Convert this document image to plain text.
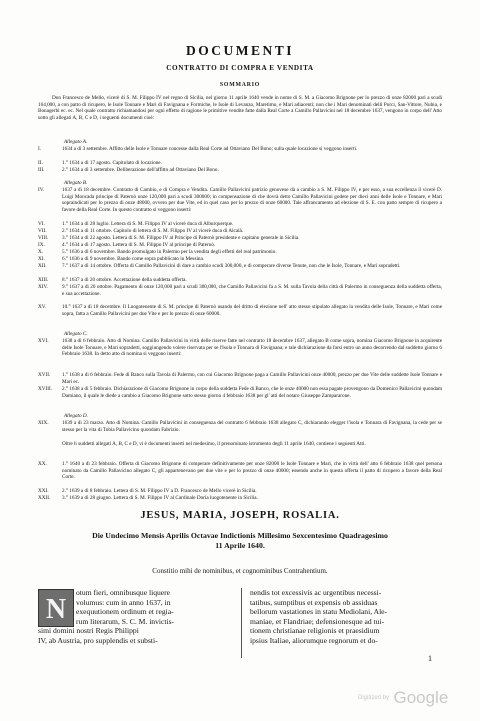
DOCUMENTI
CONTRATTO DI COMPRA E VENDITA
SOMMARIO
Don Francesco de Mello, vicerè di S. M. Filippo IV nel regno di Sicilia, nel giorno 11 aprile 1640 vende in nome di S. M. a Giacomo Brignone per lo prezzo di onze 82000 pari a scudi 164,000, a con patto di ricupero, le Isole Tonnare e Mari di Favignana e Formiche, le Isole di Levanzo, Maretimo, e Mari adiacenti; non che i Mari denominati delli Porci, San-Vittore, Nubia, e Bonagerbi ec. ec. Nel quale contratto richiamandosi per ogni effetto di ragione le primitive vendite fatte dalla Real Corte a Camillo Pallavicini nel 18 decembre 1637, vengono in corpo dell' Atto sotto gli allegati A, B, C e D, i seguenti documenti cioè:
Allegato A.
I.	1634 a dì 3 settembre. Affitto delle Isole e Tonnare concesse dalla Real Corte ad Ottaviano Del Bono; sulla quale locazione si veggono inserti.
II.	1.° 1634 a dì 17 agosto. Capitolato di locazione.
III.	2.° 1634 a dì 3 settembre. Deliberazione dell'affitto ad Ottaviano Del Bono.
Allegato B.
IV.	1637 a dì 18 decembre. Contratto di Cambio, e di Compra e Vendita. Camillo Pallavicini patrizio genovese dà a cambio a S. M. Filippo IV, e per esso, a sua eccellenza il vicerè D. Luigi Moncada principe di Paternò onze 120,000 pari a scudi 300000; in compensazione di che dovrà detto Camillo Pallavicini godere per dieci anni delle Isole e Tonnare, e Mari sopraindicati per lo prezzo di onze 48000, ovvero per due Vite, ed in quel caso per lo prezzo di onze 60000. Tale affrancamento ad elezione di S. E. con patto sempre di ricupero a favore della Real Corte. In questo contratto si veggono inserti:
VI.	1.° 1634 a dì 28 luglio. Lettera di S. M. Filippo IV al vicerè duca di Alburquerque.
VII.	2.° 1634 a dì 11 ottobre. Capitolo di lettera di S. M. Filippo IV al vicerè duca di Alcalà.
VIII.	3.° 1634 a dì 22 agosto. Lettera di S. M. Filippo IV al Principe di Paternò presidente e capitano generale in Sicilia.
IX.	4.° 1634 a dì 17 agosto. Lettera di S. M. Filippo IV al principe di Paternò.
X.	5.° 1636 a dì 6 novembre. Bando promulgato in Palermo per la vendita degli effetti del real patrimonio.
XI.	6.° 1636 a dì 9 novembre. Bando come sopra pubblicato in Messina.
XII.	7.° 1637 a dì 14 ottobre. Offerta di Camillo Pallavicini di dare a cambio scudi 300,000, e di comperare diverse Tenute, non che le Isole, Tonnare, e Mari sopradetti.
XIII.	8.° 1637 a dì 20 ottobre. Accettazione della suddetta offerta.
XIV.	9.° 1637 a dì 20 ottobre. Pagamento di onze 120,000 pari a scudi 300,000, che Camillo Pallavicini fa a S. M. sulla Tavola della città di Palermo in conseguenza della suddetta offerta, e sua accettazione.
XV.	10.° 1637 a dì 18 decembre. Il Luogotenente di S. M. principe di Paternò usando del dritto di elezione nell' atto stesso stipulato allegato la vendita delle Isole, Tonnare, e Mari come sopra, fatta a Camillo Pallavicini per due Vite e per lo prezzo di onze 60000.
Allegato C.
XVI.	1638 a dì 6 febbraio. Atto di Nomina. Camillo Pallavicini in virtù delle riserve fatte nel contratto 18 decembre 1637, allegato B come sopra, nomina Giacomo Brignone in acquirente delle Isole Tonnare, e Mari sopradetti, soggiungendo volere riservata per se l'Isola e Tonnara di Favignana; e tale dichiarazione da farsi entro un anno decorrendo dal suddetto giorno 6 Febbraio 1638. In detto atto di nomina si veggono inserti:
XVII.	1.° 1638 a dì 6 febbraio. Fede di Banco sulla Tavola di Palermo, con cui Giacomo Brignone paga a Camillo Pallavicini onze 40000, prezzo per due Vite delle suddette Isole Tonnare e Mari ec.
XVIII.	2.° 1638 a dì 5 febbraio. Dichiarazione di Giacomo Brignone in corpo della suddetta Fede di Banco, che le onze 40000 non essa pagate provengono da Domenico Pallavicini quondam Damiano, il quale le diede a cambio a Giacomo Brignone sotto stesso giorno 4 febbraio 1638 per gl' atti del notaro Giuseppe Zampararone.
Allegato D.
XIX.	1639 a dì 23 marzo. Atto di Nomina. Camillo Pallavicini in conseguenza del contratto 6 febbraio 1638 allegato C, dichiarando elegger l'isola e Tonnara di Favignana, la cede per se stesso per la vita di Tobia Pallavicino quondam Fabrizio.
Oltre li suddetti allegati A, B, C e D, vi è documenti inserti nel medesimo, il prenominato istrumento degli 11 aprile 1640, contiene i seguenti Atti.
XX.	1.° 1640 a dì 23 febbraio. Offerta di Giacomo Brignone di comperare definitivamente per onze 82000 le Isole Tonnare e Mari, che in virtù dell' atto 6 febbraio 1638 quel persona nominato da Camillo Pallavicino allegato C, gli appartenevano per due vite e per lo prezzo di onze 40000; essendo anche in questa offerta il patto di ricupero a favore della Real Corte.
XXI.	2.° 1639 a dì 8 febbraio. Lettera di S. M. Filippo IV a D. Francesco de Mello vicerè in Sicilia.
XXII.	3.° 1639 a dì 28 giugno. Lettera di S. M. Filippo IV al Cardinale Doria luogotenente in Sicilia.
JESUS, MARIA, JOSEPH, ROSALIA.
Die Undecimo Mensis Aprilis Octavae Indictionis Millesimo Sexcentesimo Quadragesimo
11 Aprile 1640.
Constitio mihi de nominibus, et cognominibus Contrahentium.
N
otum fieri, omnibusque liquere
volumus: cum in anno 1637, in
exequutionem ordinum et regia-
rum literarum, S. C. M. invictis-
simi domini nostri Regis Philippi
IV, ab Austria, pro supplendis et substi-
nendis tot excessivis ac urgentibus necessi-
tatibus, sumptibus et expensis ob assiduas
bellorum vastationes in statu Mediolani, Ale-
maniae, et Flandriae; defensionesque ad tui-
tionem christianae religionis et praesidium
ipsius Italiae, aliorumque regnorum et do-
1
Digitized by Google
